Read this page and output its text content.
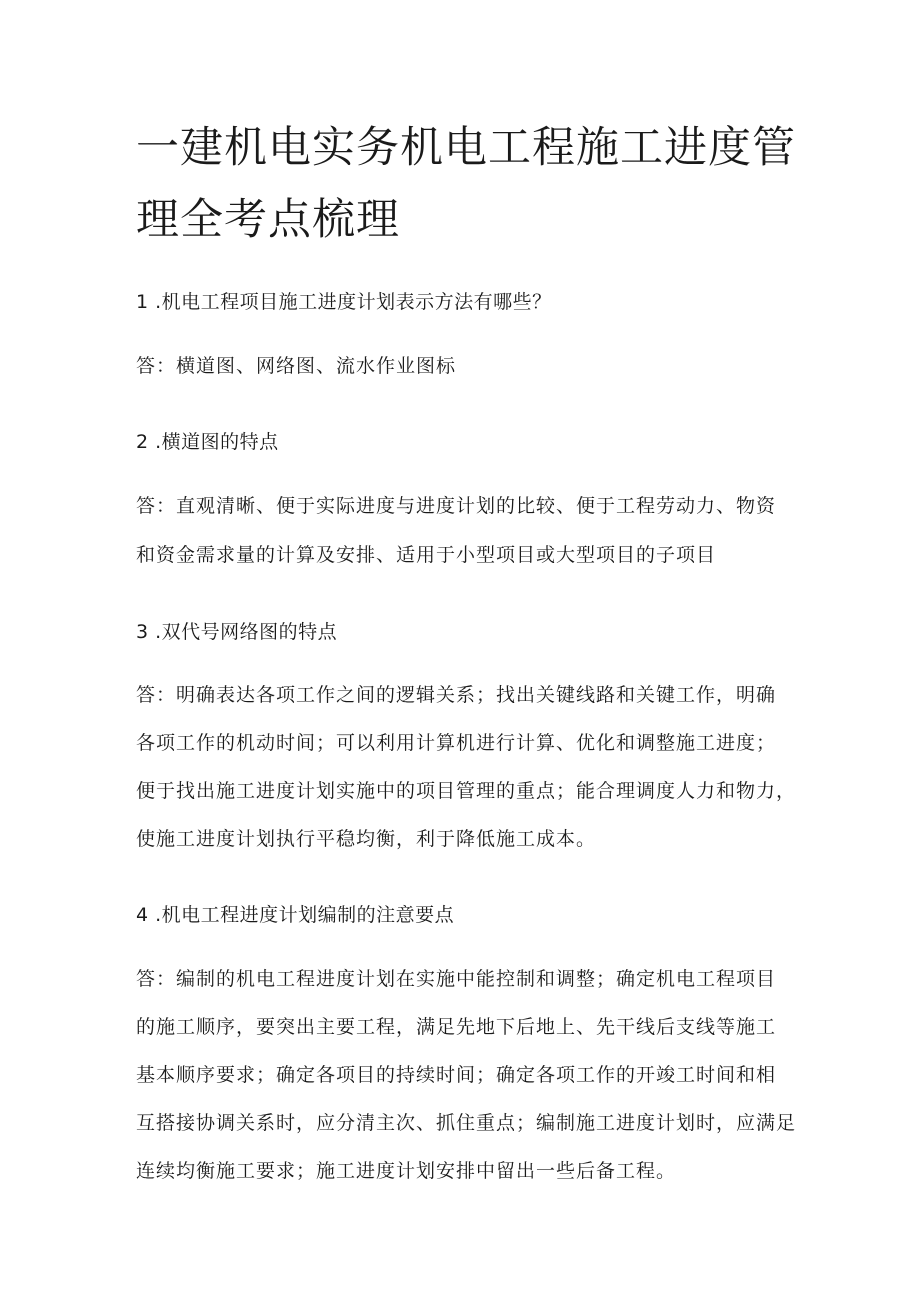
一建机电实务机电工程施工进度管理全考点梳理

1 .机电工程项目施工进度计划表示方法有哪些？

答：横道图、网络图、流水作业图标

2 .横道图的特点

答：直观清晰、便于实际进度与进度计划的比较、便于工程劳动力、物资

和资金需求量的计算及安排、适用于小型项目或大型项目的子项目

3 .双代号网络图的特点

答：明确表达各项工作之间的逻辑关系；找出关键线路和关键工作，明确

各项工作的机动时间；可以利用计算机进行计算、优化和调整施工进度；

便于找出施工进度计划实施中的项目管理的重点；能合理调度人力和物力，

使施工进度计划执行平稳均衡，利于降低施工成本。

4 .机电工程进度计划编制的注意要点

答：编制的机电工程进度计划在实施中能控制和调整；确定机电工程项目

的施工顺序，要突出主要工程，满足先地下后地上、先干线后支线等施工

基本顺序要求；确定各项目的持续时间；确定各项工作的开竣工时间和相

互搭接协调关系时，应分清主次、抓住重点；编制施工进度计划时，应满足

连续均衡施工要求；施工进度计划安排中留出一些后备工程。
